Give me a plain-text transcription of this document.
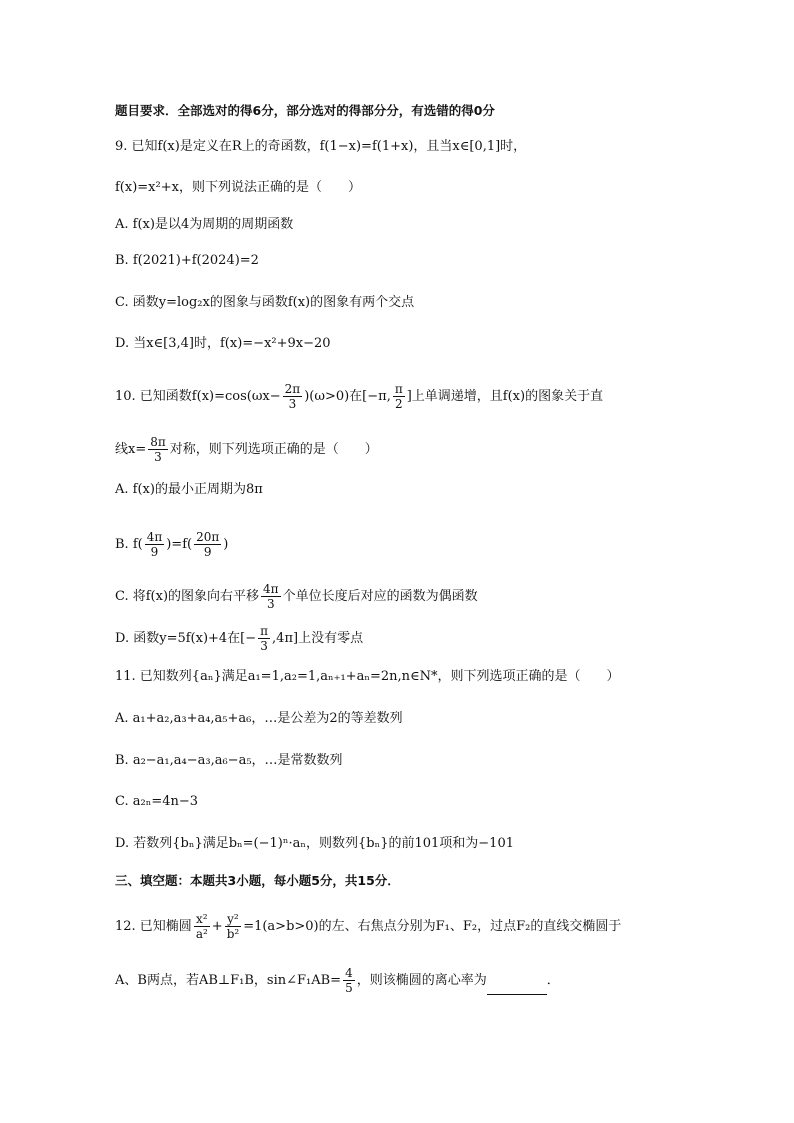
题目要求．全部选对的得6分，部分选对的得部分分，有选错的得0分
9. 已知f(x)是定义在R上的奇函数，f(1−x)=f(1+x)，且当x∈[0,1]时，
f(x)=x²+x，则下列说法正确的是（　　）
A. f(x)是以4为周期的周期函数
B. f(2021)+f(2024)=2
C. 函数y=log₂x的图象与函数f(x)的图象有两个交点
D. 当x∈[3,4]时，f(x)=−x²+9x−20
10. 已知函数$f(x)=\cos(\omega x- \frac{2\pi}{3} )(\omega>0)$在[−π, $\frac{\pi}{2}$ ]上单调递增，且f(x)的图象关于直
线$x= \frac{8\pi}{3}$ 对称，则下列选项正确的是（　　）
A. f(x)的最小正周期为8π
B. $f( \frac{4\pi}{9} )=f( \frac{20\pi}{9}$ )
C. 将f(x)的图象向右平移 $\frac{4\pi}{3}$ 个单位长度后对应的函数为偶函数
D. 函数y=5f(x)+4在[− $\frac{\pi}{3} ,4\pi$]上没有零点
11. 已知数列{aₙ}满足a₁=1,a₂=1,aₙ₊₁+aₙ=2n,n∈N*，则下列选项正确的是（　　）
A. a₁+a₂,a₃+a₄,a₅+a₆，…是公差为2的等差数列
B. a₂−a₁,a₄−a₃,a₆−a₅，…是常数数列
C. a₂ₙ=4n−3
D. 若数列{bₙ}满足bₙ=(−1)ⁿ·aₙ，则数列{bₙ}的前101项和为−101
三、填空题：本题共3小题，每小题5分，共15分．
12. 已知椭圆 $\frac{\text{x²}}{\text{a²}} + \frac{\text{y²}}{\text{b²}} =1(a>b>0)$的左、右焦点分别为F₁、F₂，过点F₂的直线交椭圆于
A、B两点，若AB⊥F₁B，sin∠F₁AB= $\frac{4}{5}$ ，则该椭圆的离心率为	．
